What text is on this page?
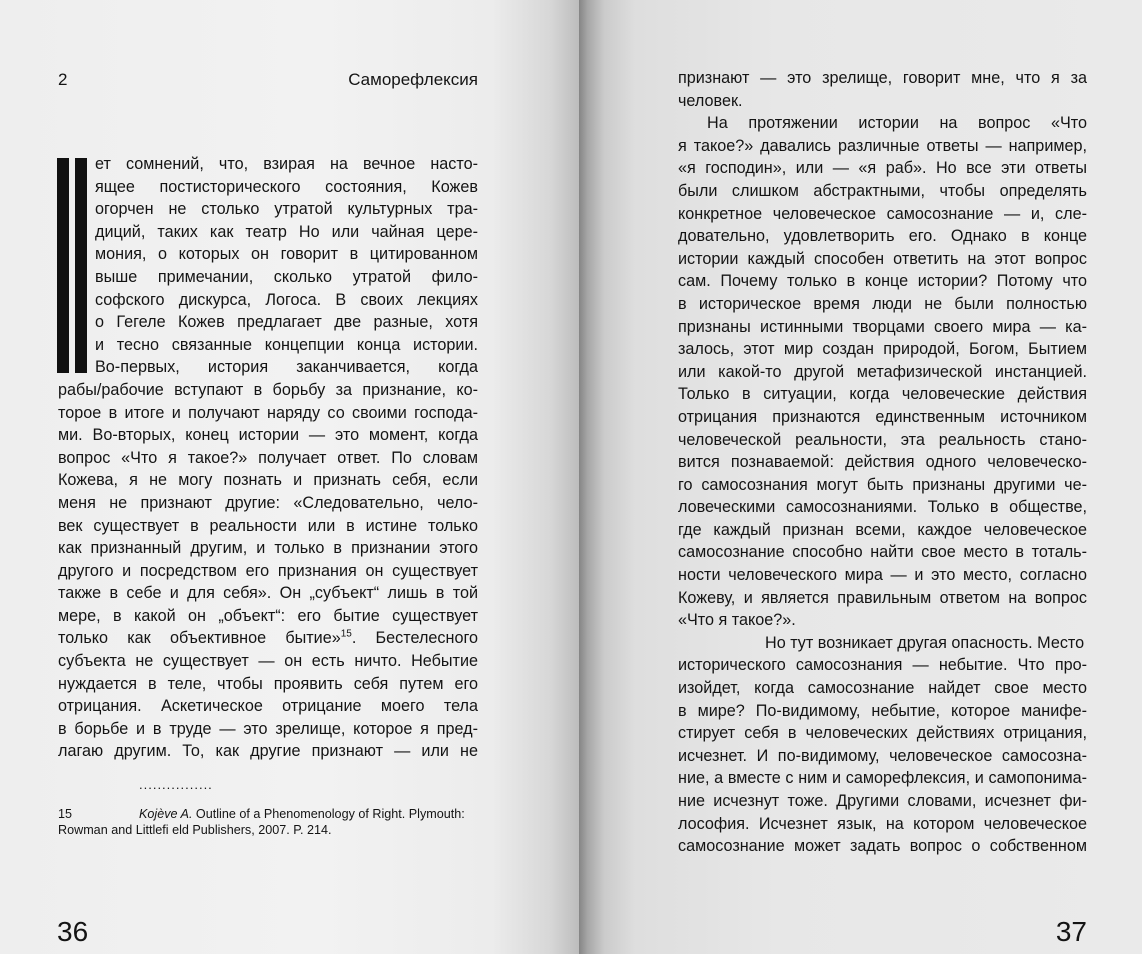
2	Саморефлексия
ет сомнений, что, взирая на вечное насто-
ящее постисторического состояния, Кожев
огорчен не столько утратой культурных тра-
диций, таких как театр Но или чайная цере-
мония, о которых он говорит в цитированном
выше примечании, сколько утратой фило-
софского дискурса, Логоса. В своих лекциях
о Гегеле Кожев предлагает две разные, хотя
и тесно связанные концепции конца истории.
Во-первых, история заканчивается, когда
рабы/рабочие вступают в борьбу за признание, ко-
торое в итоге и получают наряду со своими господа-
ми. Во-вторых, конец истории — это момент, когда
вопрос «Что я такое?» получает ответ. По словам
Кожева, я не могу познать и признать себя, если
меня не признают другие: «Следовательно, чело-
век существует в реальности или в истине только
как признанный другим, и только в признании этого
другого и посредством его признания он существует
также в себе и для себя». Он „субъект“ лишь в той
мере, в какой он „объект“: его бытие существует
только как объективное бытие»$^{15}$. Бестелесного
субъекта не существует — он есть ничто. Небытие
нуждается в теле, чтобы проявить себя путем его
отрицания. Аскетическое отрицание моего тела
в борьбе и в труде — это зрелище, которое я пред-
лагаю другим. То, как другие признают — или не
................
15	Kojève A. Outline of a Phenomenology of Right. Plymouth:
Rowman and Littlefi eld Publishers, 2007. P. 214.
36
признают — это зрелище, говорит мне, что я за
человек.
На протяжении истории на вопрос «Что
я такое?» давались различные ответы — например,
«я господин», или — «я раб». Но все эти ответы
были слишком абстрактными, чтобы определять
конкретное человеческое самосознание — и, сле-
довательно, удовлетворить его. Однако в конце
истории каждый способен ответить на этот вопрос
сам. Почему только в конце истории? Потому что
в историческое время люди не были полностью
признаны истинными творцами своего мира — ка-
залось, этот мир создан природой, Богом, Бытием
или какой-то другой метафизической инстанцией.
Только в ситуации, когда человеческие действия
отрицания признаются единственным источником
человеческой реальности, эта реальность стано-
вится познаваемой: действия одного человеческо-
го самосознания могут быть признаны другими че-
ловеческими самосознаниями. Только в обществе,
где каждый признан всеми, каждое человеческое
самосознание способно найти свое место в тоталь-
ности человеческого мира — и это место, согласно
Кожеву, и является правильным ответом на вопрос
«Что я такое?».
Но тут возникает другая опасность. Место
исторического самосознания — небытие. Что про-
изойдет, когда самосознание найдет свое место
в мире? По-видимому, небытие, которое манифе-
стирует себя в человеческих действиях отрицания,
исчезнет. И по-видимому, человеческое самосозна-
ние, а вместе с ним и саморефлексия, и самопонима-
ние исчезнут тоже. Другими словами, исчезнет фи-
лософия. Исчезнет язык, на котором человеческое
самосознание может задать вопрос о собственном
37
